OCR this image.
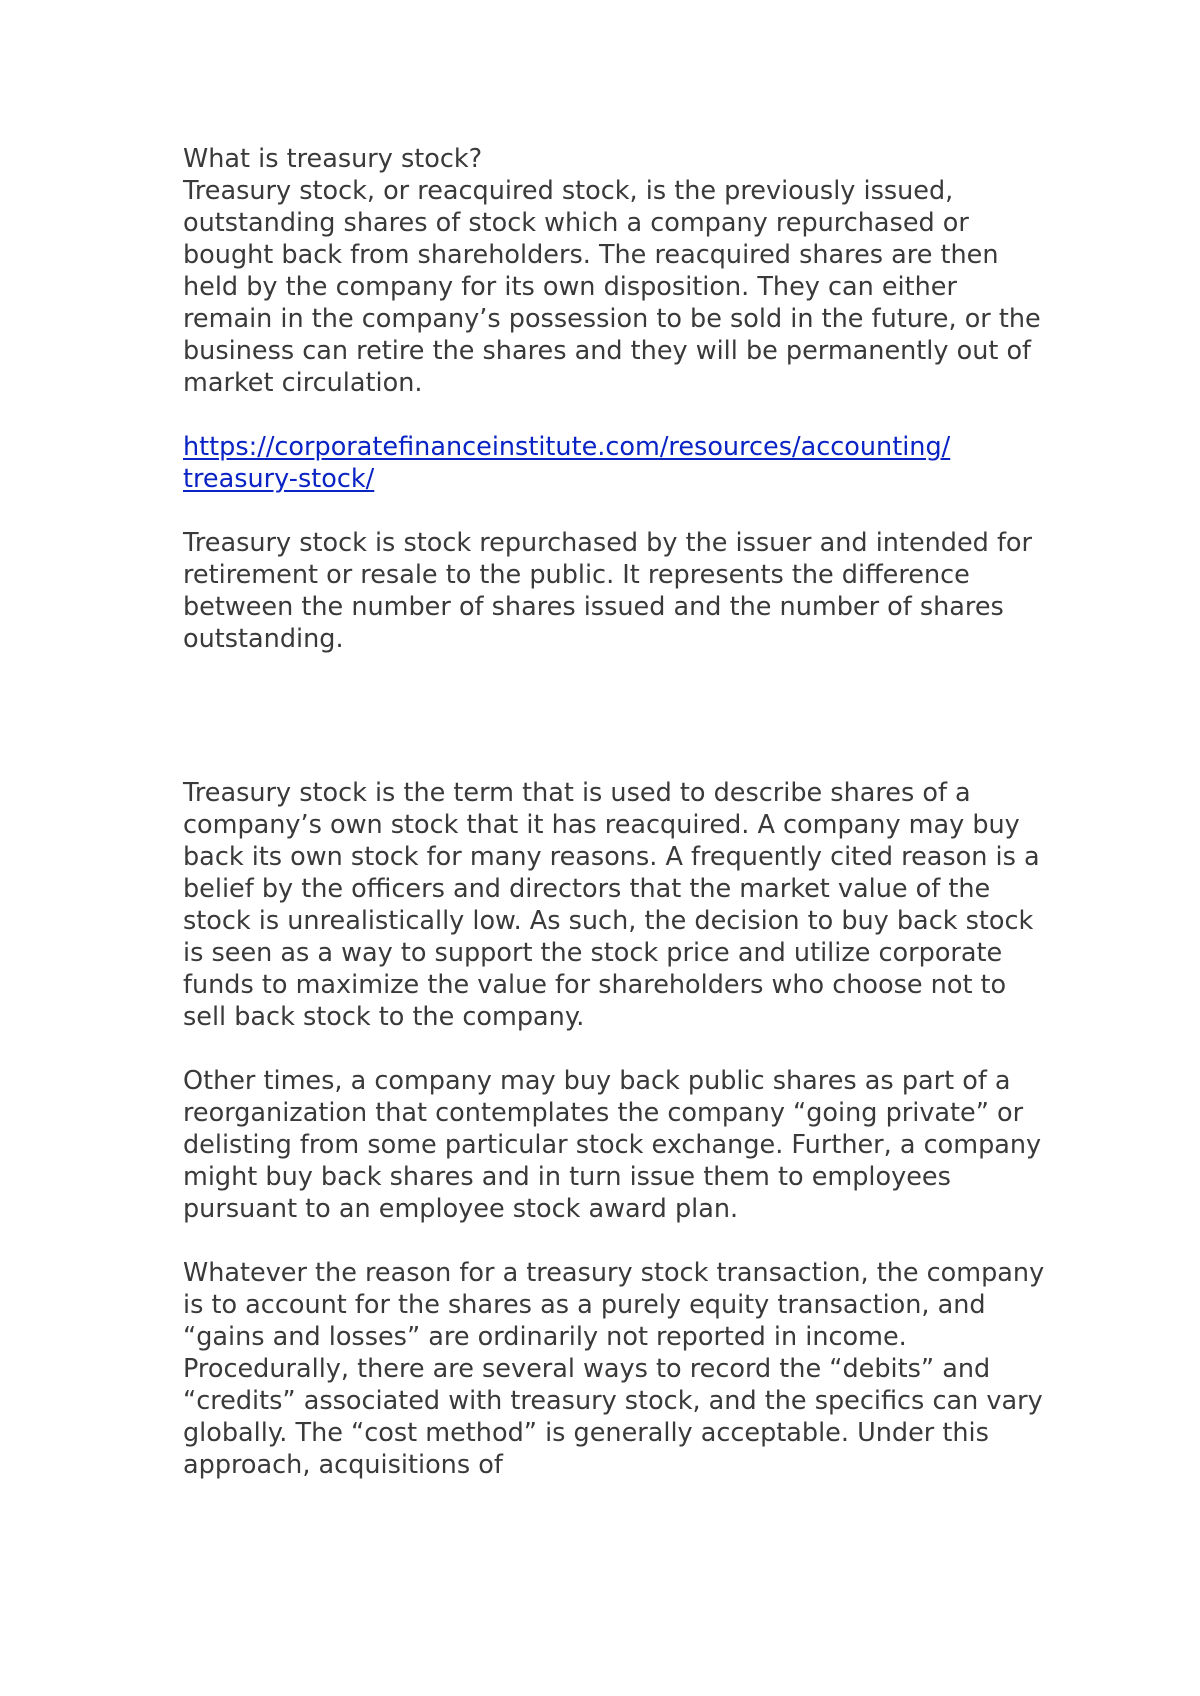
What is treasury stock?

Treasury stock, or reacquired stock, is the previously issued, outstanding shares of stock which a company repurchased or bought back from shareholders. The reacquired shares are then held by the company for its own disposition. They can either remain in the company’s possession to be sold in the future, or the business can retire the shares and they will be permanently out of market circulation.

https://corporatefinanceinstitute.com/resources/accounting/
treasury-stock/

Treasury stock is stock repurchased by the issuer and intended for retirement or resale to the public. It represents the difference between the number of shares issued and the number of shares outstanding.

Treasury stock is the term that is used to describe shares of a company’s own stock that it has reacquired. A company may buy back its own stock for many reasons. A frequently cited reason is a belief by the officers and directors that the market value of the stock is unrealistically low. As such, the decision to buy back stock is seen as a way to support the stock price and utilize corporate funds to maximize the value for shareholders who choose not to sell back stock to the company.

Other times, a company may buy back public shares as part of a reorganization that contemplates the company “going private” or delisting from some particular stock exchange. Further, a company might buy back shares and in turn issue them to employees pursuant to an employee stock award plan.

Whatever the reason for a treasury stock transaction, the company is to account for the shares as a purely equity transaction, and “gains and losses” are ordinarily not reported in income. Procedurally, there are several ways to record the “debits” and “credits” associated with treasury stock, and the specifics can vary globally. The “cost method” is generally acceptable. Under this approach, acquisitions of
